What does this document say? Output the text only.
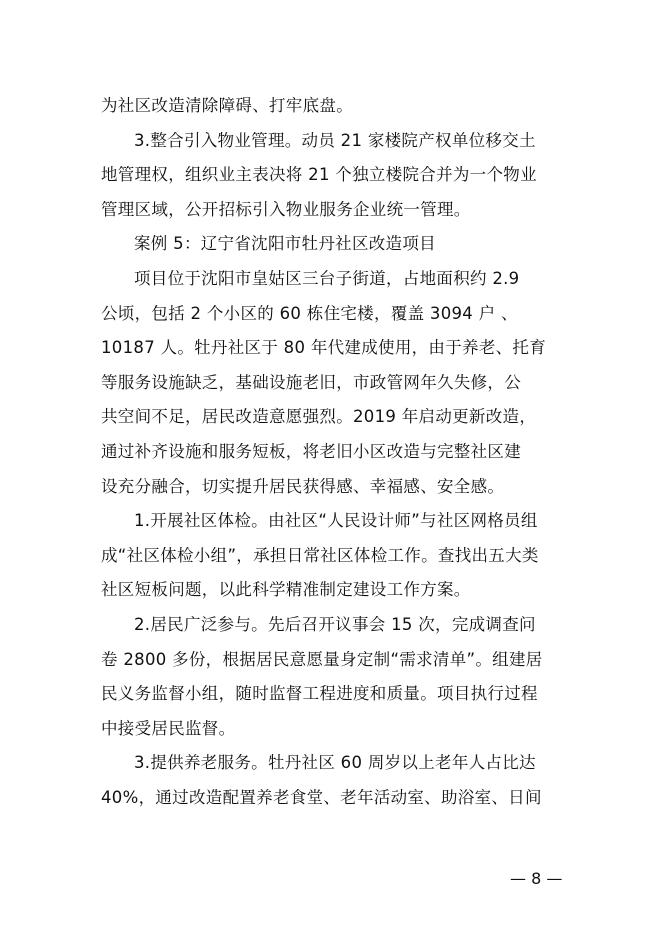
为社区改造清除障碍、打牢底盘。
3.整合引入物业管理。动员 21 家楼院产权单位移交土
地管理权，组织业主表决将 21 个独立楼院合并为一个物业
管理区域，公开招标引入物业服务企业统一管理。
案例 5：辽宁省沈阳市牡丹社区改造项目
项目位于沈阳市皇姑区三台子街道，占地面积约 2.9
公顷，包括 2 个小区的 60 栋住宅楼，覆盖 3094 户 、
10187 人。牡丹社区于 80 年代建成使用，由于养老、托育
等服务设施缺乏，基础设施老旧，市政管网年久失修，公
共空间不足，居民改造意愿强烈。2019 年启动更新改造，
通过补齐设施和服务短板，将老旧小区改造与完整社区建
设充分融合，切实提升居民获得感、幸福感、安全感。
1.开展社区体检。由社区“人民设计师”与社区网格员组
成“社区体检小组”，承担日常社区体检工作。查找出五大类
社区短板问题，以此科学精准制定建设工作方案。
2.居民广泛参与。先后召开议事会 15 次，完成调查问
卷 2800 多份，根据居民意愿量身定制“需求清单”。组建居
民义务监督小组，随时监督工程进度和质量。项目执行过程
中接受居民监督。
3.提供养老服务。牡丹社区 60 周岁以上老年人占比达
40%，通过改造配置养老食堂、老年活动室、助浴室、日间
— 8 —
